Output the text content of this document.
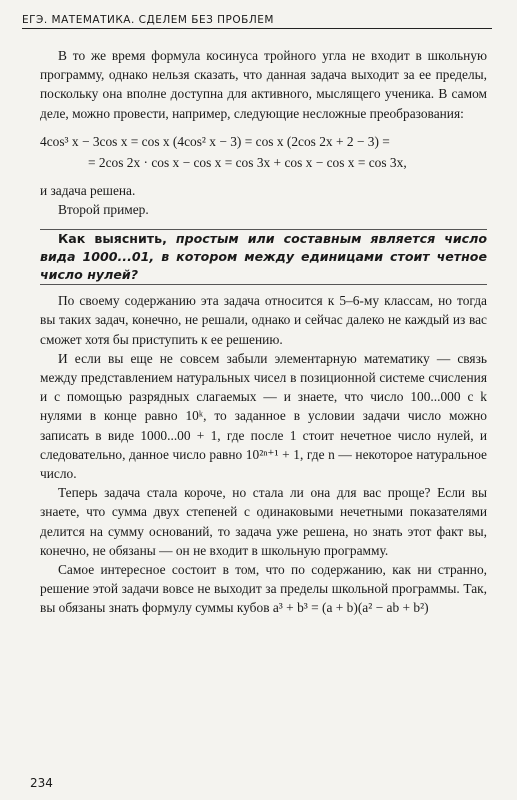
ЕГЭ. МАТЕМАТИКА. СДЕЛЕМ БЕЗ ПРОБЛЕМ

В то же время формула косинуса тройного угла не входит в школьную программу, однако нельзя сказать, что данная задача выходит за ее пределы, поскольку она вполне доступна для активного, мыслящего ученика. В самом деле, можно провести, например, следующие несложные преобразования:

4cos³ x − 3cos x = cos x (4cos² x − 3) = cos x (2cos 2x + 2 − 3) =
= 2cos 2x · cos x − cos x = cos 3x + cos x − cos x = cos 3x,

и задача решена.

Второй пример.

Как выяснить, простым или составным является число вида 1000...01, в котором между единицами стоит четное число нулей?

По своему содержанию эта задача относится к 5–6-му классам, но тогда вы таких задач, конечно, не решали, однако и сейчас далеко не каждый из вас сможет хотя бы приступить к ее решению.

И если вы еще не совсем забыли элементарную математику — связь между представлением натуральных чисел в позиционной системе счисления и с помощью разрядных слагаемых — и знаете, что число 100...000 с k нулями в конце равно 10ᵏ, то заданное в условии задачи число можно записать в виде 1000...00 + 1, где после 1 стоит нечетное число нулей, и следовательно, данное число равно 10²ⁿ⁺¹ + 1, где n — некоторое натуральное число.

Теперь задача стала короче, но стала ли она для вас проще? Если вы знаете, что сумма двух степеней с одинаковыми нечетными показателями делится на сумму оснований, то задача уже решена, но знать этот факт вы, конечно, не обязаны — он не входит в школьную программу.

Самое интересное состоит в том, что по содержанию, как ни странно, решение этой задачи вовсе не выходит за пределы школьной программы. Так, вы обязаны знать формулу суммы кубов a³ + b³ = (a + b)(a² − ab + b²)

234
